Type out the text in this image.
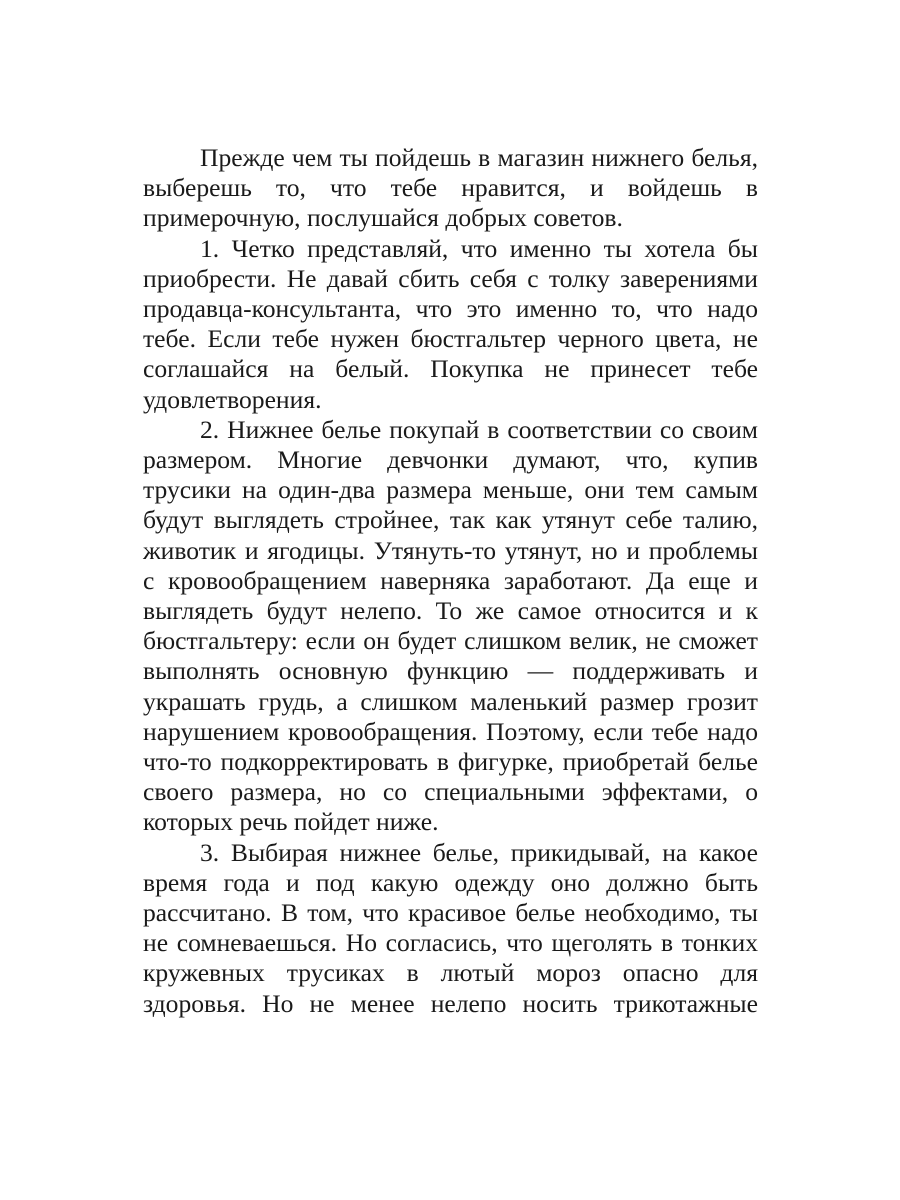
Прежде чем ты пойдешь в магазин нижнего белья, выберешь то, что тебе нравится, и войдешь в примерочную, послушайся добрых советов.

1. Четко представляй, что именно ты хотела бы приобрести. Не давай сбить себя с толку заверениями продавца-консультанта, что это именно то, что надо тебе. Если тебе нужен бюстгальтер черного цвета, не соглашайся на белый. Покупка не принесет тебе удовлетворения.

2. Нижнее белье покупай в соответствии со своим размером. Многие девчонки думают, что, купив трусики на один-два размера меньше, они тем самым будут выглядеть стройнее, так как утянут себе талию, животик и ягодицы. Утянуть-то утянут, но и проблемы с кровообращением наверняка заработают. Да еще и выглядеть будут нелепо. То же самое относится и к бюстгальтеру: если он будет слишком велик, не сможет выполнять основную функцию — поддерживать и украшать грудь, а слишком маленький размер грозит нарушением кровообращения. Поэтому, если тебе надо что-то подкорректировать в фигурке, приобретай белье своего размера, но со специальными эффектами, о которых речь пойдет ниже.

3. Выбирая нижнее белье, прикидывай, на какое время года и под какую одежду оно должно быть рассчитано. В том, что красивое белье необходимо, ты не сомневаешься. Но согласись, что щеголять в тонких кружевных трусиках в лютый мороз опасно для здоровья. Но не менее нелепо носить трикотажные
